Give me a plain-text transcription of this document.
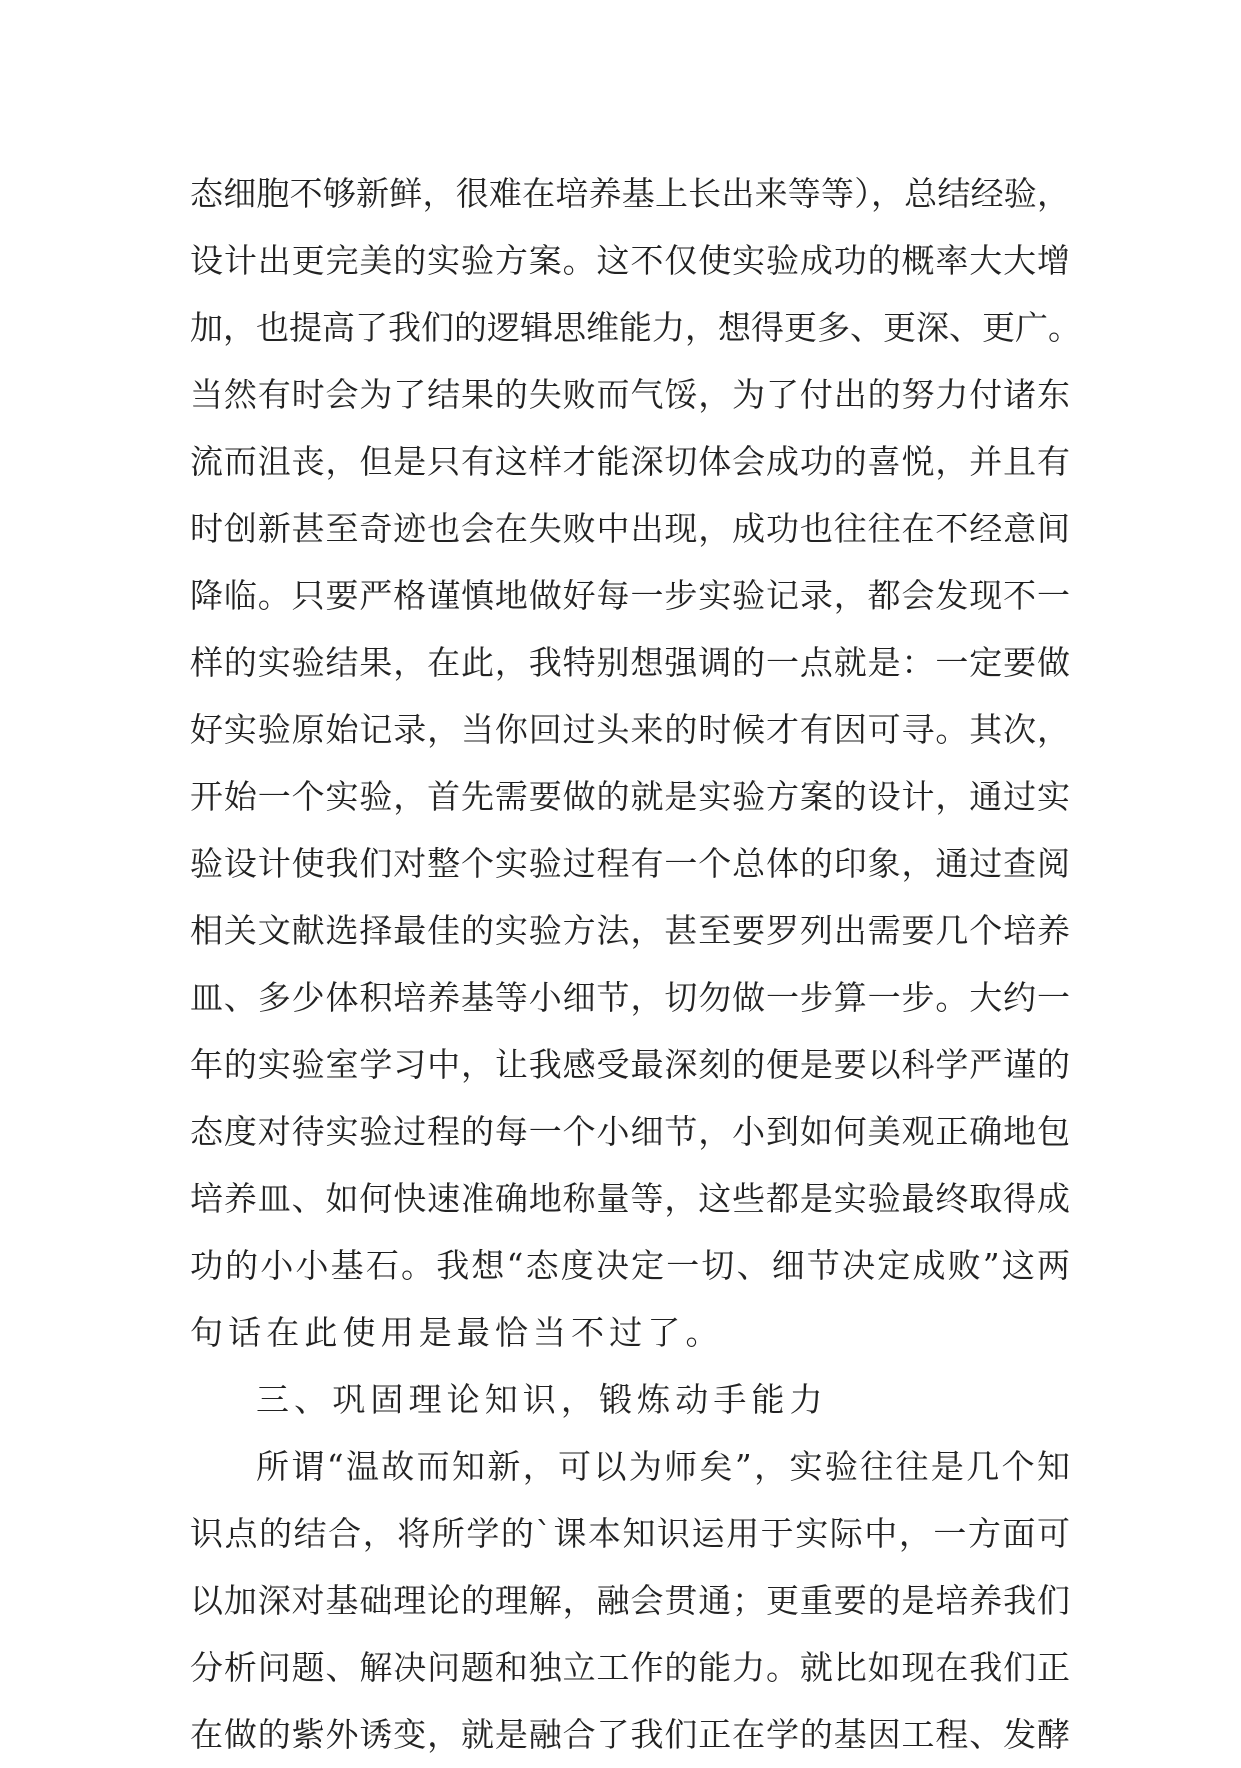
态细胞不够新鲜，很难在培养基上长出来等等），总结经验，
设计出更完美的实验方案。这不仅使实验成功的概率大大增
加，也提高了我们的逻辑思维能力，想得更多、更深、更广。
当然有时会为了结果的失败而气馁，为了付出的努力付诸东
流而沮丧，但是只有这样才能深切体会成功的喜悦，并且有
时创新甚至奇迹也会在失败中出现，成功也往往在不经意间
降临。只要严格谨慎地做好每一步实验记录，都会发现不一
样的实验结果，在此，我特别想强调的一点就是：一定要做
好实验原始记录，当你回过头来的时候才有因可寻。其次，
开始一个实验，首先需要做的就是实验方案的设计，通过实
验设计使我们对整个实验过程有一个总体的印象，通过查阅
相关文献选择最佳的实验方法，甚至要罗列出需要几个培养
皿、多少体积培养基等小细节，切勿做一步算一步。大约一
年的实验室学习中，让我感受最深刻的便是要以科学严谨的
态度对待实验过程的每一个小细节，小到如何美观正确地包
培养皿、如何快速准确地称量等，这些都是实验最终取得成
功的小小基石。我想“态度决定一切、细节决定成败”这两
句话在此使用是最恰当不过了。
三、巩固理论知识，锻炼动手能力
所谓“温故而知新，可以为师矣”，实验往往是几个知
识点的结合，将所学的`课本知识运用于实际中，一方面可
以加深对基础理论的理解，融会贯通；更重要的是培养我们
分析问题、解决问题和独立工作的能力。就比如现在我们正
在做的紫外诱变，就是融合了我们正在学的基因工程、发酵
